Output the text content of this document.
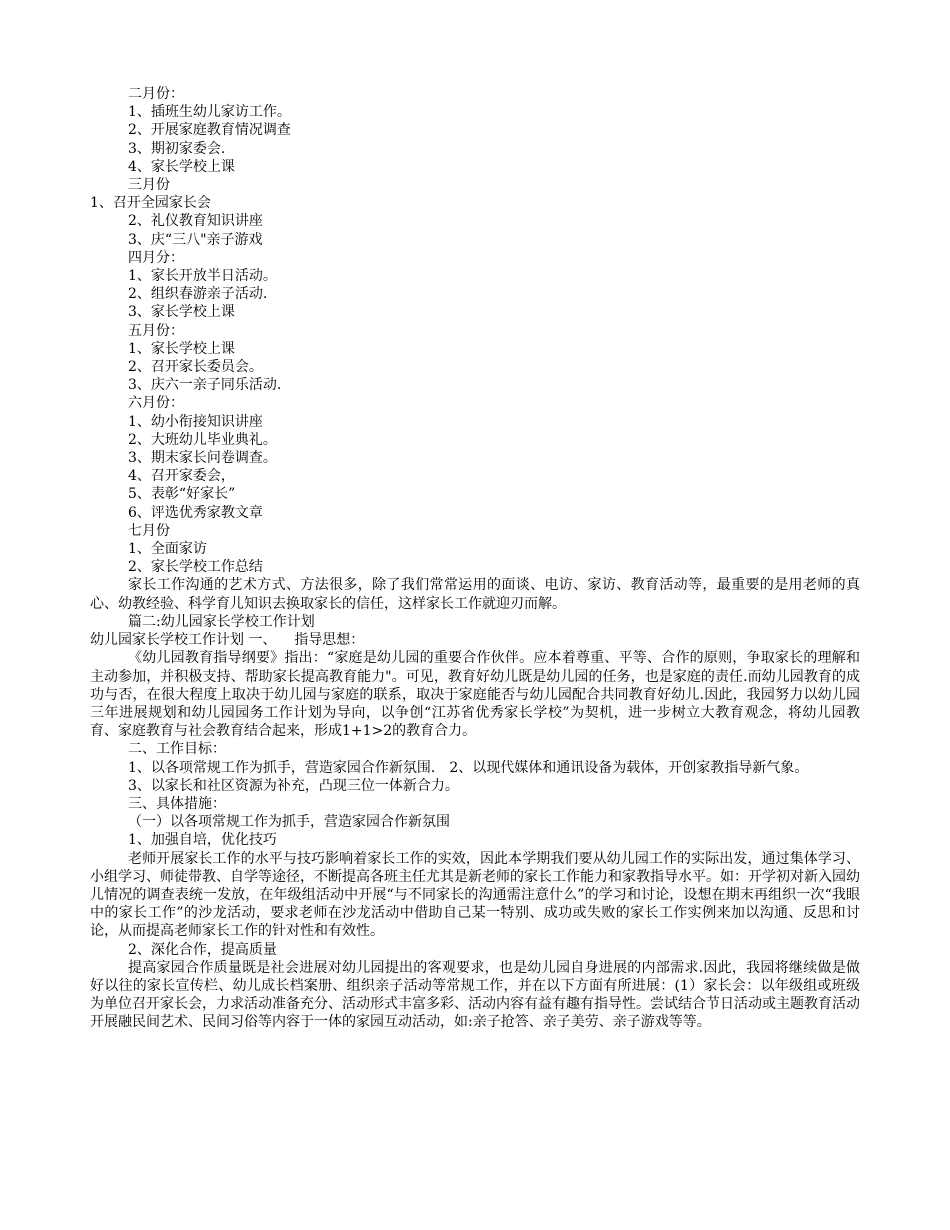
二月份：
1、插班生幼儿家访工作。
2、开展家庭教育情况调查
3、期初家委会.
4、家长学校上课
三月份
1、召开全园家长会
2、礼仪教育知识讲座
3、庆“三八"亲子游戏
四月分：
1、家长开放半日活动。
2、组织春游亲子活动.
3、家长学校上课
五月份：
1、家长学校上课
2、召开家长委员会。
3、庆六一亲子同乐活动.
六月份：
1、幼小衔接知识讲座
2、大班幼儿毕业典礼。
3、期末家长问卷调查。
4、召开家委会，
5、表彰“好家长”
6、评选优秀家教文章
七月份
1、全面家访
2、家长学校工作总结

家长工作沟通的艺术方式、方法很多，除了我们常常运用的面谈、电访、家访、教育活动等，最重要的是用老师的真心、幼教经验、科学育儿知识去换取家长的信任，这样家长工作就迎刃而解。

篇二:幼儿园家长学校工作计划

幼儿园家长学校工作计划 一、    指导思想：

《幼儿园教育指导纲要》指出：“家庭是幼儿园的重要合作伙伴。应本着尊重、平等、合作的原则，争取家长的理解和主动参加，并积极支持、帮助家长提高教育能力"。可见，教育好幼儿既是幼儿园的任务，也是家庭的责任.而幼儿园教育的成功与否，在很大程度上取决于幼儿园与家庭的联系，取决于家庭能否与幼儿园配合共同教育好幼儿.因此，我园努力以幼儿园三年进展规划和幼儿园园务工作计划为导向，以争创“江苏省优秀家长学校”为契机，进一步树立大教育观念，将幼儿园教育、家庭教育与社会教育结合起来，形成1+1>2的教育合力。

二、工作目标：

1、以各项常规工作为抓手，营造家园合作新氛围． 2、以现代媒体和通讯设备为载体，开创家教指导新气象。

3、以家长和社区资源为补充，凸现三位一体新合力。

三、具体措施：

（一）以各项常规工作为抓手，营造家园合作新氛围

1、加强自培，优化技巧

老师开展家长工作的水平与技巧影响着家长工作的实效，因此本学期我们要从幼儿园工作的实际出发，通过集体学习、小组学习、师徒带教、自学等途径，不断提高各班主任尤其是新老师的家长工作能力和家教指导水平。如：开学初对新入园幼儿情况的调查表统一发放，在年级组活动中开展“与不同家长的沟通需注意什么”的学习和讨论，设想在期末再组织一次“我眼中的家长工作”的沙龙活动，要求老师在沙龙活动中借助自己某一特别、成功或失败的家长工作实例来加以沟通、反思和讨论，从而提高老师家长工作的针对性和有效性。

2、深化合作，提高质量

提高家园合作质量既是社会进展对幼儿园提出的客观要求，也是幼儿园自身进展的内部需求.因此，我园将继续做是做好以往的家长宣传栏、幼儿成长档案册、组织亲子活动等常规工作，并在以下方面有所进展：(1）家长会：以年级组或班级为单位召开家长会，力求活动准备充分、活动形式丰富多彩、活动内容有益有趣有指导性。尝试结合节日活动或主题教育活动开展融民间艺术、民间习俗等内容于一体的家园互动活动，如:亲子抢答、亲子美劳、亲子游戏等等。
